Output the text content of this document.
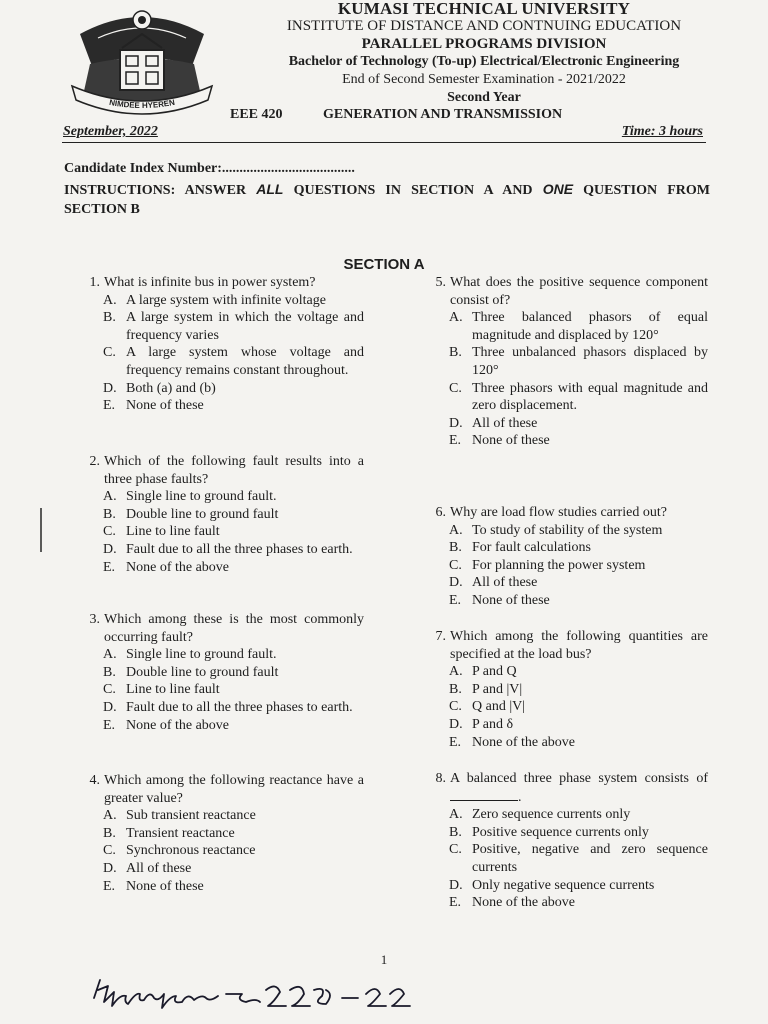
NIMDEE HYEREN
KUMASI TECHNICAL UNIVERSITY
INSTITUTE OF DISTANCE AND CONTNUING EDUCATION
PARALLEL PROGRAMS DIVISION
Bachelor of Technology (To-up) Electrical/Electronic Engineering
End of Second Semester Examination - 2021/2022
Second Year
EEE 420	GENERATION AND TRANSMISSION
September, 2022	Time: 3 hours
Candidate Index Number:......................................
INSTRUCTIONS: ANSWER ALL QUESTIONS IN SECTION A AND ONE QUESTION FROM SECTION B
SECTION A
1. What is infinite bus in power system?
A. A large system with infinite voltage
B. A large system in which the voltage and frequency varies
C. A large system whose voltage and frequency remains constant throughout.
D. Both (a) and (b)
E. None of these
2. Which of the following fault results into a three phase faults?
A. Single line to ground fault.
B. Double line to ground fault
C. Line to line fault
D. Fault due to all the three phases to earth.
E. None of the above
3. Which among these is the most commonly occurring fault?
A. Single line to ground fault.
B. Double line to ground fault
C. Line to line fault
D. Fault due to all the three phases to earth.
E. None of the above
4. Which among the following reactance have a greater value?
A. Sub transient reactance
B. Transient reactance
C. Synchronous reactance
D. All of these
E. None of these
5. What does the positive sequence component consist of?
A. Three balanced phasors of equal magnitude and displaced by 120°
B. Three unbalanced phasors displaced by 120°
C. Three phasors with equal magnitude and zero displacement.
D. All of these
E. None of these
6. Why are load flow studies carried out?
A. To study of stability of the system
B. For fault calculations
C. For planning the power system
D. All of these
E. None of these
7. Which among the following quantities are specified at the load bus?
A. P and Q
B. P and |V|
C. Q and |V|
D. P and δ
E. None of the above
8. A balanced three phase system consists of .
A. Zero sequence currents only
B. Positive sequence currents only
C. Positive, negative and zero sequence currents
D. Only negative sequence currents
E. None of the above
1
Ktupcuhbee 2428-22
